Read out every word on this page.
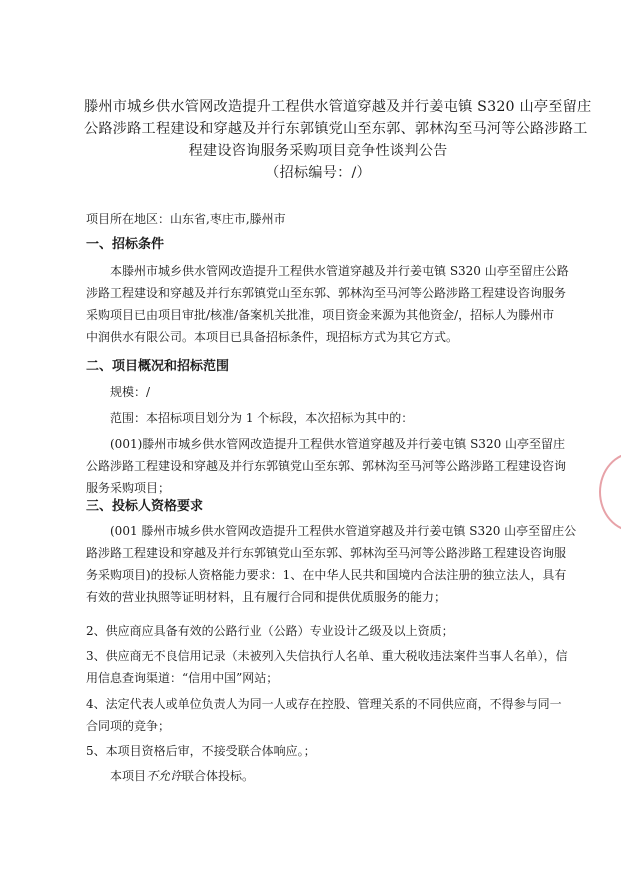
滕州市城乡供水管网改造提升工程供水管道穿越及并行姜屯镇 S320 山亭至留庄
公路涉路工程建设和穿越及并行东郭镇党山至东郭、郭林沟至马河等公路涉路工
程建设咨询服务采购项目竞争性谈判公告
（招标编号：/）
项目所在地区：山东省,枣庄市,滕州市
一、招标条件
本滕州市城乡供水管网改造提升工程供水管道穿越及并行姜屯镇 S320 山亭至留庄公路
涉路工程建设和穿越及并行东郭镇党山至东郭、郭林沟至马河等公路涉路工程建设咨询服务
采购项目已由项目审批/核准/备案机关批准，项目资金来源为其他资金/，招标人为滕州市
中润供水有限公司。本项目已具备招标条件，现招标方式为其它方式。
二、项目概况和招标范围
规模：/
范围：本招标项目划分为 1 个标段，本次招标为其中的：
(001)滕州市城乡供水管网改造提升工程供水管道穿越及并行姜屯镇 S320 山亭至留庄
公路涉路工程建设和穿越及并行东郭镇党山至东郭、郭林沟至马河等公路涉路工程建设咨询
服务采购项目；
三、投标人资格要求
(001 滕州市城乡供水管网改造提升工程供水管道穿越及并行姜屯镇 S320 山亭至留庄公
路涉路工程建设和穿越及并行东郭镇党山至东郭、郭林沟至马河等公路涉路工程建设咨询服
务采购项目)的投标人资格能力要求：1、在中华人民共和国境内合法注册的独立法人，具有
有效的营业执照等证明材料，且有履行合同和提供优质服务的能力；
2、供应商应具备有效的公路行业（公路）专业设计乙级及以上资质；
3、供应商无不良信用记录（未被列入失信执行人名单、重大税收违法案件当事人名单），信
用信息查询渠道：“信用中国”网站；
4、法定代表人或单位负责人为同一人或存在控股、管理关系的不同供应商，不得参与同一
合同项的竞争；
5、本项目资格后审，不接受联合体响应。；
本项目不允许联合体投标。
